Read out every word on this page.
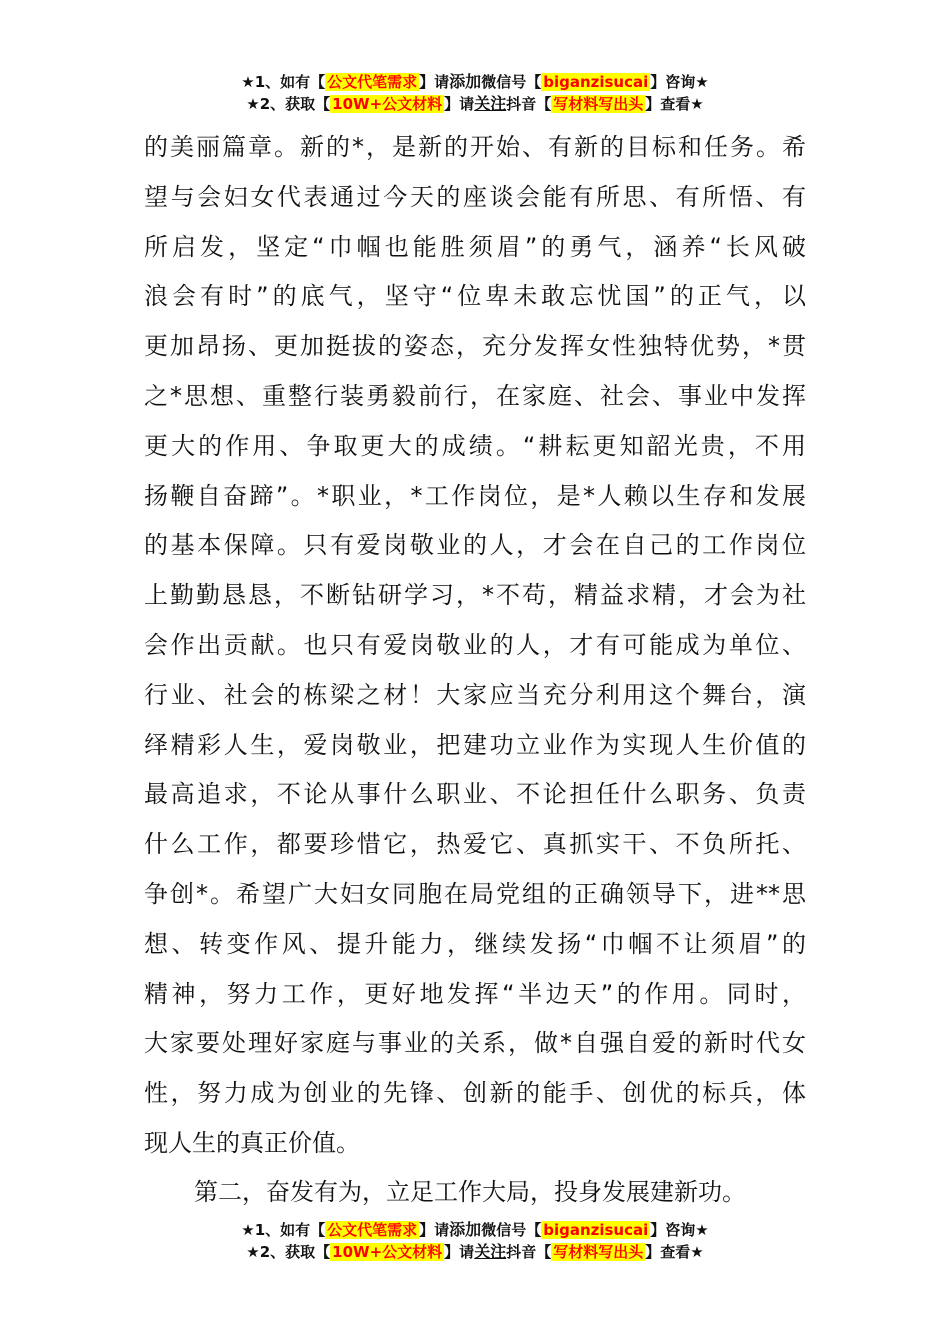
★1、如有【 公文代笔需求 】请添加微信号【 biganzisucai 】咨询★
★2、获取【 10W+公文材料 】请关注抖音【 写材料写出头 】查看★
的美丽篇章。新的*，是新的开始、有新的目标和任务。希
望与会妇女代表通过今天的座谈会能有所思、有所悟、有
所启发，坚定“巾帼也能胜须眉”的勇气，涵养“长风破
浪会有时”的底气，坚守“位卑未敢忘忧国”的正气，以
更加昂扬、更加挺拔的姿态，充分发挥女性独特优势，*贯
之*思想、重整行装勇毅前行，在家庭、社会、事业中发挥
更大的作用、争取更大的成绩。“耕耘更知韶光贵，不用
扬鞭自奋蹄”。*职业，*工作岗位，是*人赖以生存和发展
的基本保障。只有爱岗敬业的人，才会在自己的工作岗位
上勤勤恳恳，不断钻研学习，*不苟，精益求精，才会为社
会作出贡献。也只有爱岗敬业的人，才有可能成为单位、
行业、社会的栋梁之材！大家应当充分利用这个舞台，演
绎精彩人生，爱岗敬业，把建功立业作为实现人生价值的
最高追求，不论从事什么职业、不论担任什么职务、负责
什么工作，都要珍惜它，热爱它、真抓实干、不负所托、
争创*。希望广大妇女同胞在局党组的正确领导下，进**思
想、转变作风、提升能力，继续发扬“巾帼不让须眉”的
精神，努力工作，更好地发挥“半边天”的作用。同时，
大家要处理好家庭与事业的关系，做*自强自爱的新时代女
性，努力成为创业的先锋、创新的能手、创优的标兵，体
现人生的真正价值。
第二，奋发有为，立足工作大局，投身发展建新功。
★1、如有【 公文代笔需求 】请添加微信号【 biganzisucai 】咨询★
★2、获取【 10W+公文材料 】请关注抖音【 写材料写出头 】查看★
